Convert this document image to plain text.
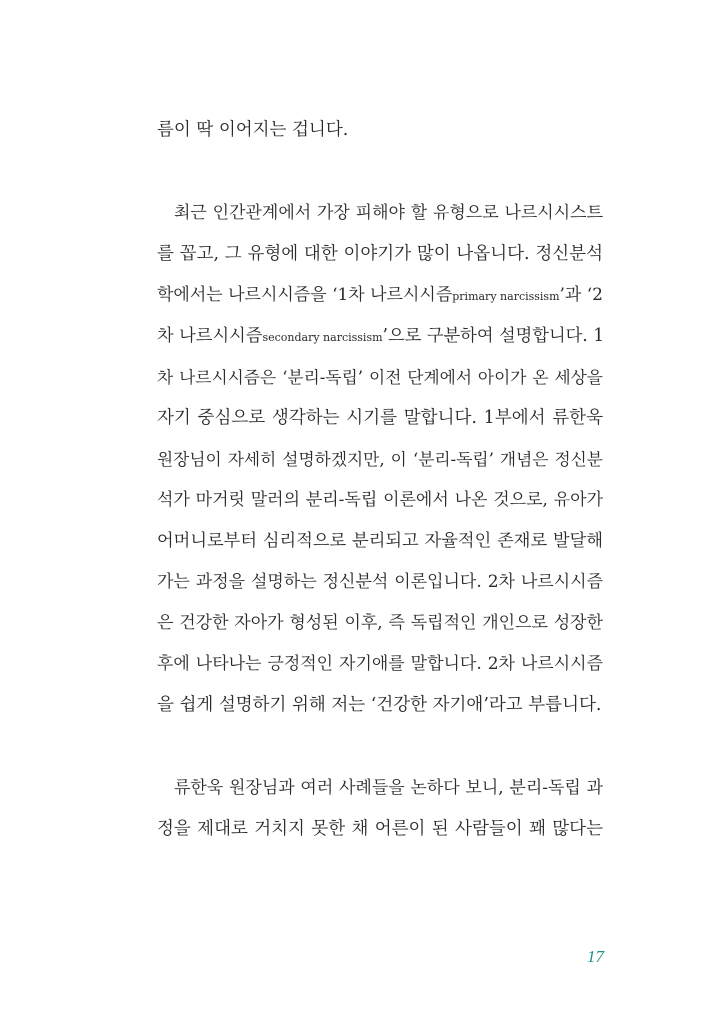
름이 딱 이어지는 겁니다.
최근 인간관계에서 가장 피해야 할 유형으로 나르시시스트
를 꼽고, 그 유형에 대한 이야기가 많이 나옵니다. 정신분석
학에서는 나르시시즘을 ‘1차 나르시시즘primary narcissism’과 ‘2
차 나르시시즘secondary narcissism’으로 구분하여 설명합니다. 1
차 나르시시즘은 ‘분리-독립’ 이전 단계에서 아이가 온 세상을
자기 중심으로 생각하는 시기를 말합니다. 1부에서 류한욱
원장님이 자세히 설명하겠지만, 이 ‘분리-독립’ 개념은 정신분
석가 마거릿 말러의 분리-독립 이론에서 나온 것으로, 유아가
어머니로부터 심리적으로 분리되고 자율적인 존재로 발달해
가는 과정을 설명하는 정신분석 이론입니다. 2차 나르시시즘
은 건강한 자아가 형성된 이후, 즉 독립적인 개인으로 성장한
후에 나타나는 긍정적인 자기애를 말합니다. 2차 나르시시즘
을 쉽게 설명하기 위해 저는 ‘건강한 자기애’라고 부릅니다.
류한욱 원장님과 여러 사례들을 논하다 보니, 분리-독립 과
정을 제대로 거치지 못한 채 어른이 된 사람들이 꽤 많다는
17
